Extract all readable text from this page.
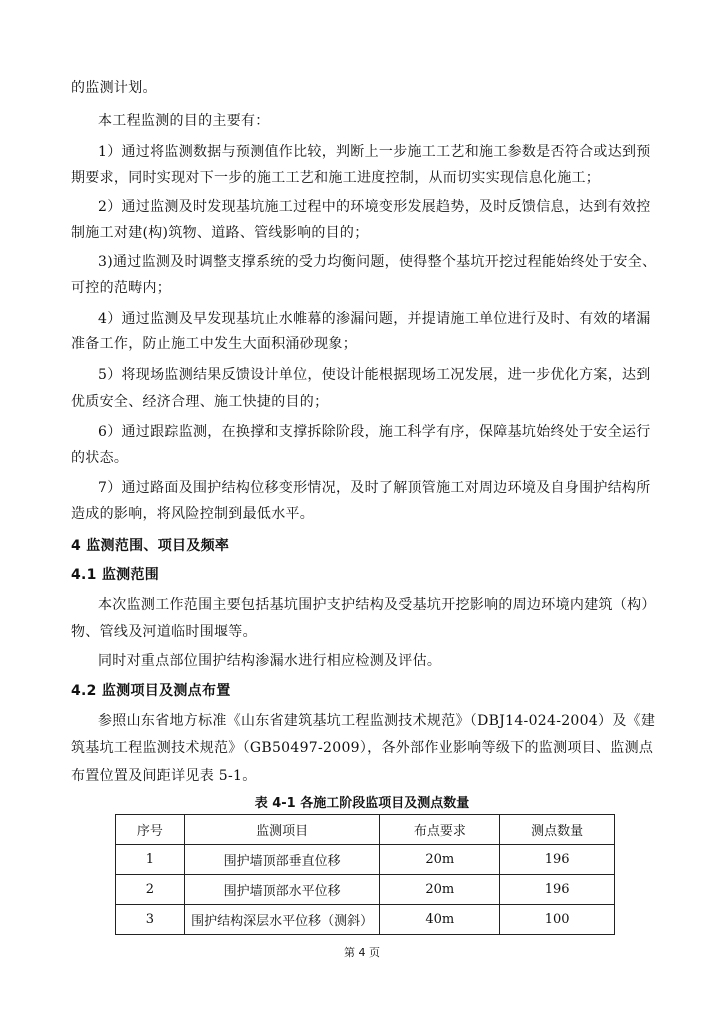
的监测计划。
本工程监测的目的主要有：
1）通过将监测数据与预测值作比较，判断上一步施工工艺和施工参数是否符合或达到预
期要求，同时实现对下一步的施工工艺和施工进度控制，从而切实实现信息化施工；
2）通过监测及时发现基坑施工过程中的环境变形发展趋势，及时反馈信息，达到有效控
制施工对建(构)筑物、道路、管线影响的目的；
3)通过监测及时调整支撑系统的受力均衡问题，使得整个基坑开挖过程能始终处于安全、
可控的范畴内；
4）通过监测及早发现基坑止水帷幕的渗漏问题，并提请施工单位进行及时、有效的堵漏
准备工作，防止施工中发生大面积涌砂现象；
5）将现场监测结果反馈设计单位，使设计能根据现场工况发展，进一步优化方案，达到
优质安全、经济合理、施工快捷的目的；
6）通过跟踪监测，在换撑和支撑拆除阶段，施工科学有序，保障基坑始终处于安全运行
的状态。
7）通过路面及围护结构位移变形情况，及时了解顶管施工对周边环境及自身围护结构所
造成的影响，将风险控制到最低水平。
4 监测范围、项目及频率
4.1 监测范围
本次监测工作范围主要包括基坑围护支护结构及受基坑开挖影响的周边环境内建筑（构）
物、管线及河道临时围堰等。
同时对重点部位围护结构渗漏水进行相应检测及评估。
4.2 监测项目及测点布置
参照山东省地方标准《山东省建筑基坑工程监测技术规范》（DBJ14-024-2004）及《建
筑基坑工程监测技术规范》（GB50497-2009），各外部作业影响等级下的监测项目、监测点
布置位置及间距详见表 5-1。
表 4-1 各施工阶段监项目及测点数量
序号	监测项目	布点要求	测点数量
1	围护墙顶部垂直位移	20m	196
2	围护墙顶部水平位移	20m	196
3	围护结构深层水平位移（测斜）	40m	100
第 4 页
